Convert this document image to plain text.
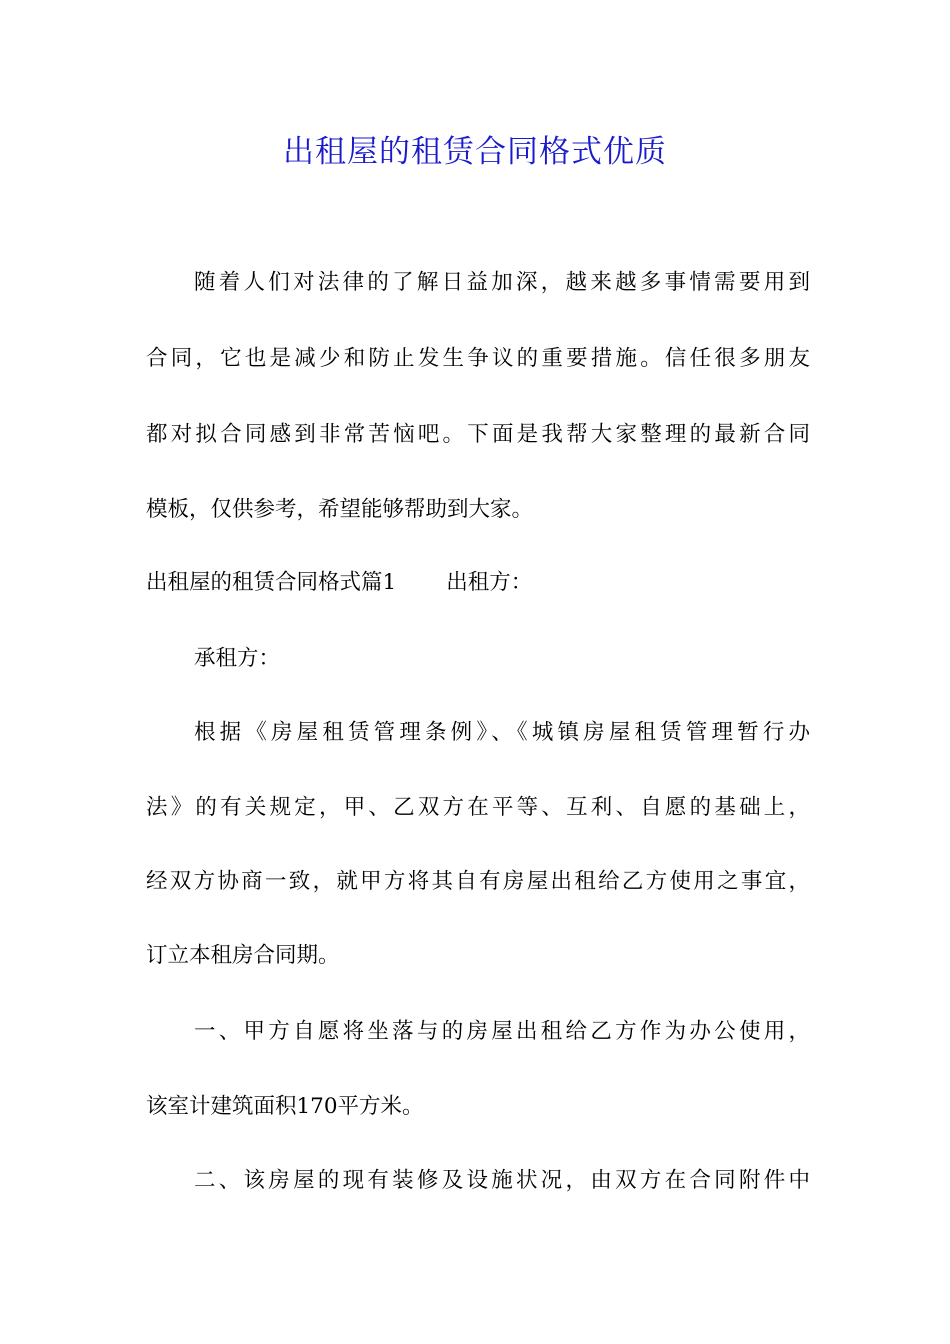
出租屋的租赁合同格式优质
随着人们对法律的了解日益加深，越来越多事情需要用到
合同，它也是减少和防止发生争议的重要措施。信任很多朋友
都对拟合同感到非常苦恼吧。下面是我帮大家整理的最新合同
模板，仅供参考，希望能够帮助到大家。
出租屋的租赁合同格式篇1 出租方：
承租方：
根据《房屋租赁管理条例》、《城镇房屋租赁管理暂行办
法》的有关规定，甲、乙双方在平等、互利、自愿的基础上，
经双方协商一致，就甲方将其自有房屋出租给乙方使用之事宜，
订立本租房合同期。
一、甲方自愿将坐落与的房屋出租给乙方作为办公使用，
该室计建筑面积170平方米。
二、该房屋的现有装修及设施状况，由双方在合同附件中
